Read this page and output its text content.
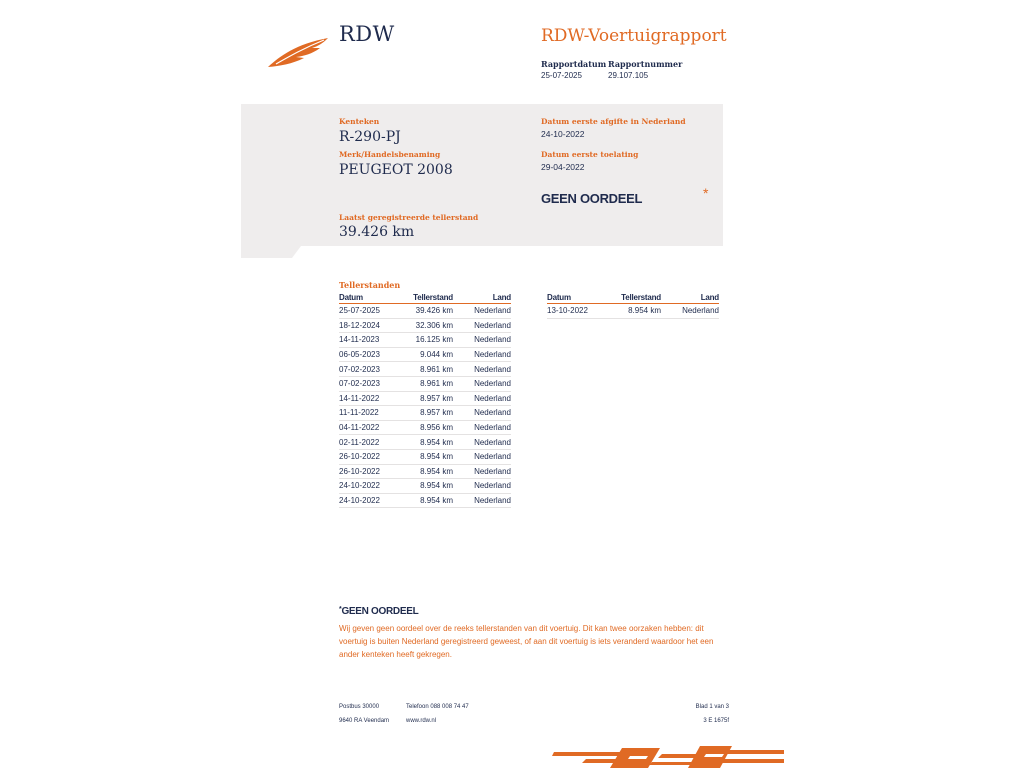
RDW	RDW-Voertuigrapport
Rapportdatum
25-07-2025
Rapportnummer
29.107.105
Kenteken
R-290-PJ
Merk/Handelsbenaming
PEUGEOT 2008
Datum eerste afgifte in Nederland
24-10-2022
Datum eerste toelating
29-04-2022
GEEN OORDEEL	*
Laatst geregistreerde tellerstand
39.426 km
Tellerstanden
Datum	Tellerstand	Land
25-07-2025	39.426 km	Nederland
18-12-2024	32.306 km	Nederland
14-11-2023	16.125 km	Nederland
06-05-2023	9.044 km	Nederland
07-02-2023	8.961 km	Nederland
07-02-2023	8.961 km	Nederland
14-11-2022	8.957 km	Nederland
11-11-2022	8.957 km	Nederland
04-11-2022	8.956 km	Nederland
02-11-2022	8.954 km	Nederland
26-10-2022	8.954 km	Nederland
26-10-2022	8.954 km	Nederland
24-10-2022	8.954 km	Nederland
24-10-2022	8.954 km	Nederland
Datum	Tellerstand	Land
13-10-2022	8.954 km	Nederland
*GEEN OORDEEL
Wij geven geen oordeel over de reeks tellerstanden van dit voertuig. Dit kan twee oorzaken hebben: dit voertuig is buiten Nederland geregistreerd geweest, of aan dit voertuig is iets veranderd waardoor het een ander kenteken heeft gekregen.
Postbus 30000
9640 RA Veendam
Telefoon 088 008 74 47
www.rdw.nl
Blad 1 van 3
3 E 1675f
